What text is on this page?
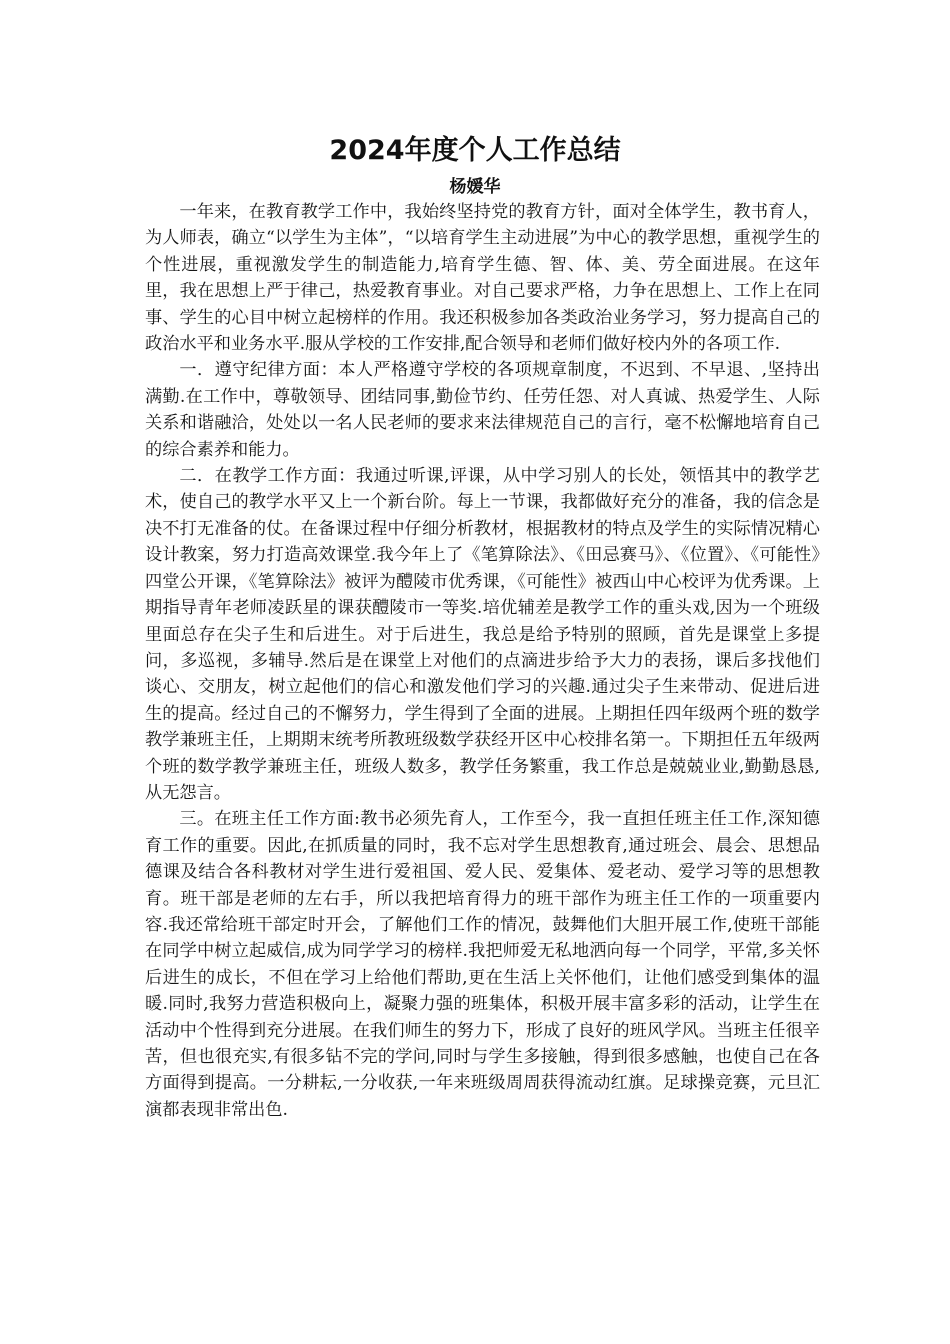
2024年度个人工作总结
杨媛华

一年来，在教育教学工作中，我始终坚持党的教育方针，面对全体学生，教书育人，为人师表，确立“以学生为主体”，“以培育学生主动进展”为中心的教学思想，重视学生的个性进展，重视激发学生的制造能力,培育学生德、智、体、美、劳全面进展。在这年里，我在思想上严于律己，热爱教育事业。对自己要求严格，力争在思想上、工作上在同事、学生的心目中树立起榜样的作用。我还积极参加各类政治业务学习，努力提高自己的政治水平和业务水平.服从学校的工作安排,配合领导和老师们做好校内外的各项工作.

一．遵守纪律方面：本人严格遵守学校的各项规章制度，不迟到、不早退、,坚持出满勤.在工作中，尊敬领导、团结同事,勤俭节约、任劳任怨、对人真诚、热爱学生、人际关系和谐融洽，处处以一名人民老师的要求来法律规范自己的言行，毫不松懈地培育自己的综合素养和能力。

二．在教学工作方面：我通过听课,评课，从中学习别人的长处，领悟其中的教学艺术，使自己的教学水平又上一个新台阶。每上一节课，我都做好充分的准备，我的信念是决不打无准备的仗。在备课过程中仔细分析教材，根据教材的特点及学生的实际情况精心设计教案，努力打造高效课堂.我今年上了《笔算除法》、《田忌赛马》、《位置》、《可能性》四堂公开课，《笔算除法》被评为醴陵市优秀课，《可能性》被西山中心校评为优秀课。上期指导青年老师凌跃星的课获醴陵市一等奖.培优辅差是教学工作的重头戏,因为一个班级里面总存在尖子生和后进生。对于后进生，我总是给予特别的照顾，首先是课堂上多提问，多巡视，多辅导.然后是在课堂上对他们的点滴进步给予大力的表扬，课后多找他们谈心、交朋友，树立起他们的信心和激发他们学习的兴趣.通过尖子生来带动、促进后进生的提高。经过自己的不懈努力，学生得到了全面的进展。上期担任四年级两个班的数学教学兼班主任，上期期末统考所教班级数学获经开区中心校排名第一。下期担任五年级两个班的数学教学兼班主任，班级人数多，教学任务繁重，我工作总是兢兢业业,勤勤恳恳,从无怨言。

三。在班主任工作方面:教书必须先育人，工作至今，我一直担任班主任工作,深知德育工作的重要。因此,在抓质量的同时，我不忘对学生思想教育,通过班会、晨会、思想品德课及结合各科教材对学生进行爱祖国、爱人民、爱集体、爱老动、爱学习等的思想教育。班干部是老师的左右手，所以我把培育得力的班干部作为班主任工作的一项重要内容.我还常给班干部定时开会，了解他们工作的情况，鼓舞他们大胆开展工作,使班干部能在同学中树立起威信,成为同学学习的榜样.我把师爱无私地洒向每一个同学，平常,多关怀后进生的成长，不但在学习上给他们帮助,更在生活上关怀他们，让他们感受到集体的温暖.同时,我努力营造积极向上，凝聚力强的班集体，积极开展丰富多彩的活动，让学生在活动中个性得到充分进展。在我们师生的努力下，形成了良好的班风学风。当班主任很辛苦，但也很充实,有很多钻不完的学问,同时与学生多接触，得到很多感触，也使自己在各方面得到提高。一分耕耘,一分收获,一年来班级周周获得流动红旗。足球操竞赛，元旦汇演都表现非常出色.
